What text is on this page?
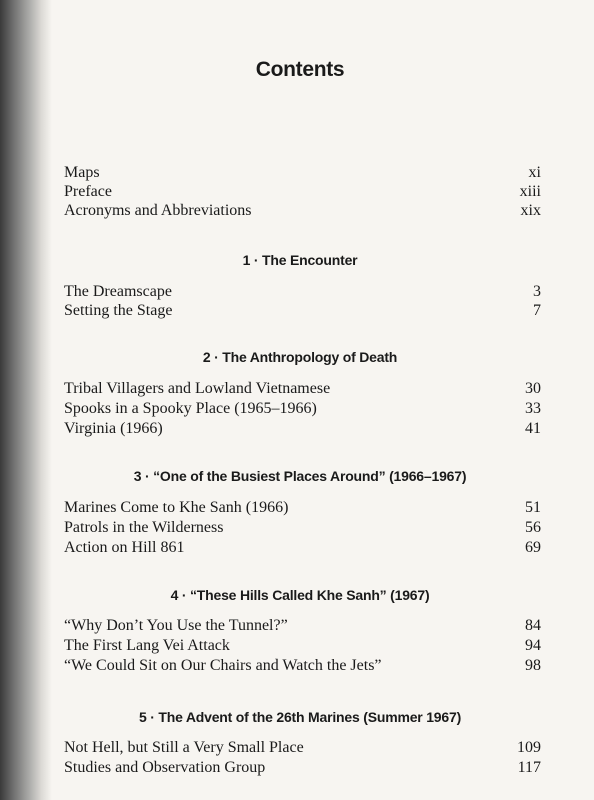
Contents
Maps	xi
Preface	xiii
Acronyms and Abbreviations	xix
1 · The Encounter
The Dreamscape	3
Setting the Stage	7
2 · The Anthropology of Death
Tribal Villagers and Lowland Vietnamese	30
Spooks in a Spooky Place (1965–1966)	33
Virginia (1966)	41
3 · “One of the Busiest Places Around” (1966–1967)
Marines Come to Khe Sanh (1966)	51
Patrols in the Wilderness	56
Action on Hill 861	69
4 · “These Hills Called Khe Sanh” (1967)
“Why Don’t You Use the Tunnel?”	84
The First Lang Vei Attack	94
“We Could Sit on Our Chairs and Watch the Jets”	98
5 · The Advent of the 26th Marines (Summer 1967)
Not Hell, but Still a Very Small Place	109
Studies and Observation Group	117
